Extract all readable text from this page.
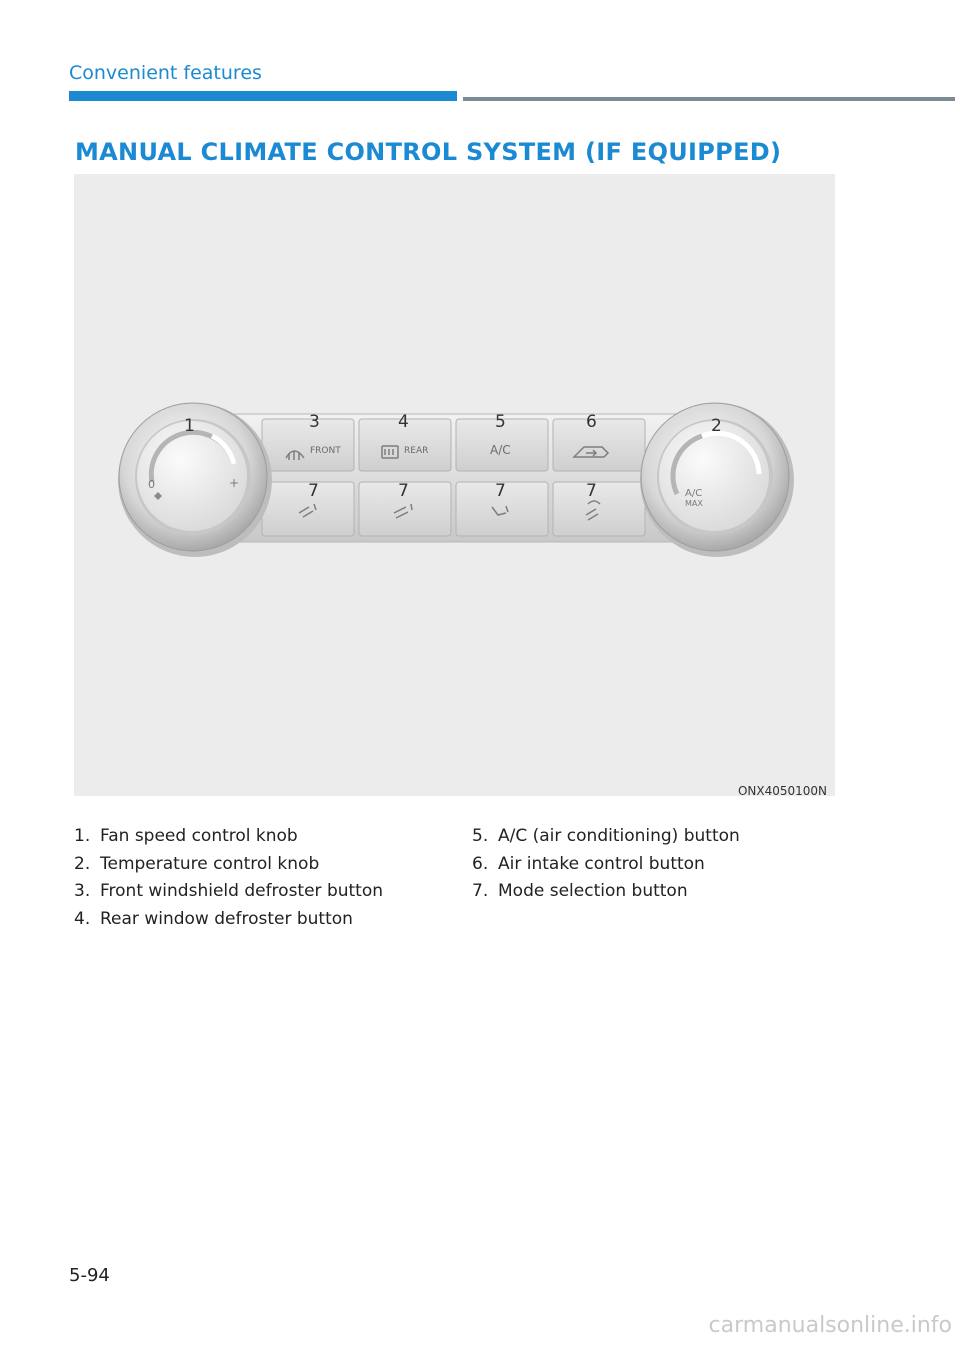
Convenient features
MANUAL CLIMATE CONTROL SYSTEM (IF EQUIPPED)
FRONT	REAR	A/C
0	+
A/C
MAX
1	2
3	4	5	6
7	7	7	7
ONX4050100N
1. Fan speed control knob
2. Temperature control knob
3. Front windshield defroster button
4. Rear window defroster button
5. A/C (air conditioning) button
6. Air intake control button
7. Mode selection button
5-94
carmanualsonline.info
